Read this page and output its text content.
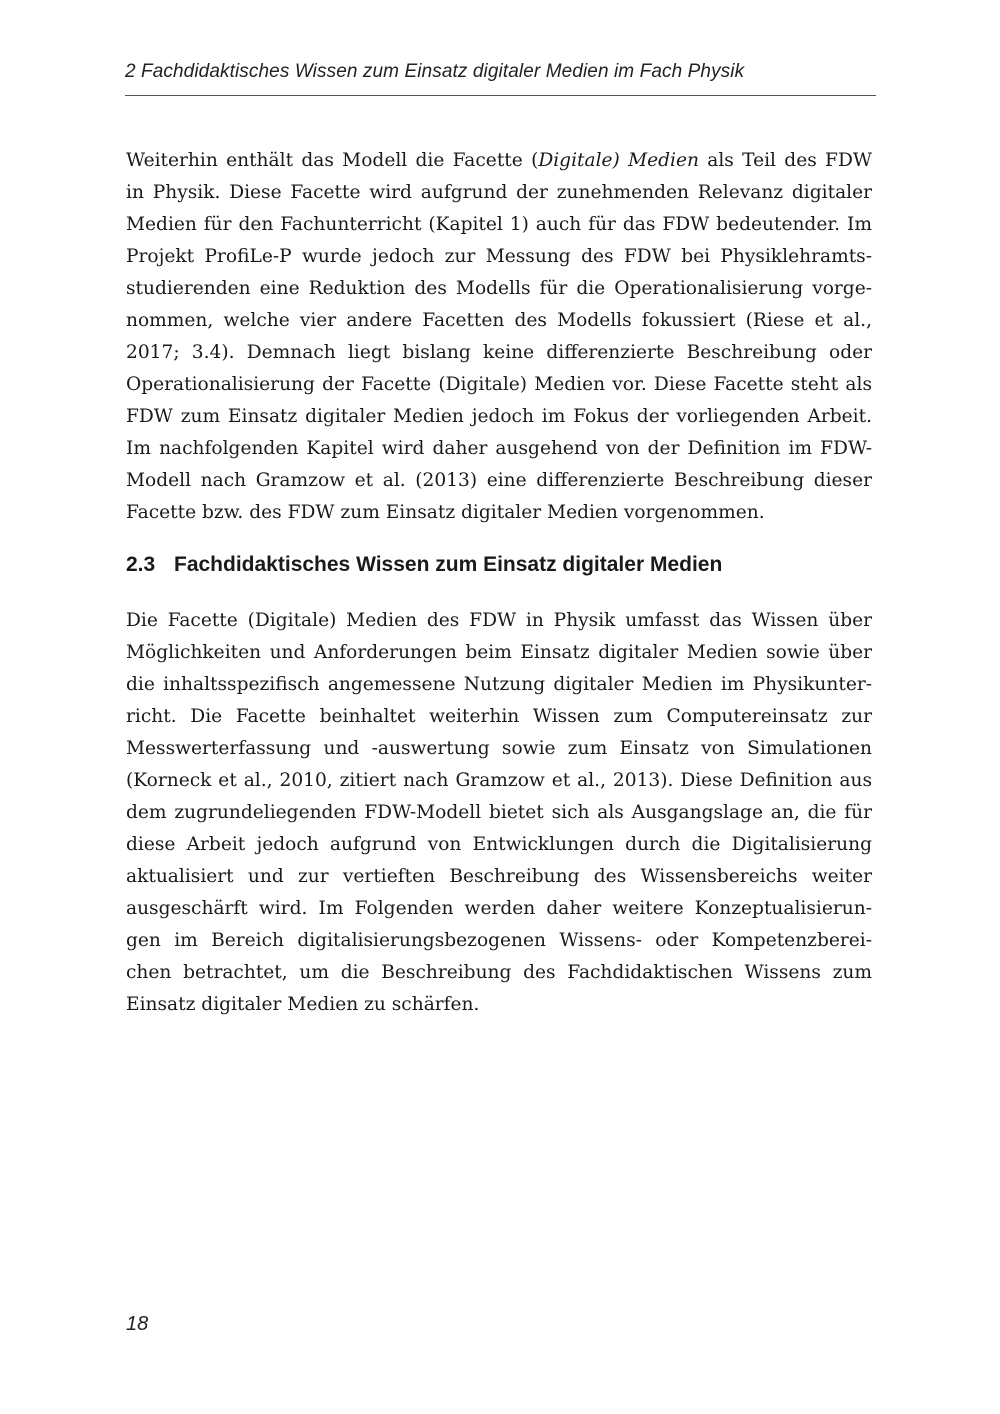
2 Fachdidaktisches Wissen zum Einsatz digitaler Medien im Fach Physik
Weiterhin enthält das Modell die Facette (Digitale) Medien als Teil des FDW
in Physik. Diese Facette wird aufgrund der zunehmenden Relevanz digitaler
Medien für den Fachunterricht (Kapitel 1) auch für das FDW bedeutender. Im
Projekt ProfiLe-P wurde jedoch zur Messung des FDW bei Physiklehramts-
studierenden eine Reduktion des Modells für die Operationalisierung vorge-
nommen, welche vier andere Facetten des Modells fokussiert (Riese et al.,
2017; 3.4). Demnach liegt bislang keine differenzierte Beschreibung oder
Operationalisierung der Facette (Digitale) Medien vor. Diese Facette steht als
FDW zum Einsatz digitaler Medien jedoch im Fokus der vorliegenden Arbeit.
Im nachfolgenden Kapitel wird daher ausgehend von der Definition im FDW-
Modell nach Gramzow et al. (2013) eine differenzierte Beschreibung dieser
Facette bzw. des FDW zum Einsatz digitaler Medien vorgenommen.
2.3 Fachdidaktisches Wissen zum Einsatz digitaler Medien
Die Facette (Digitale) Medien des FDW in Physik umfasst das Wissen über
Möglichkeiten und Anforderungen beim Einsatz digitaler Medien sowie über
die inhaltsspezifisch angemessene Nutzung digitaler Medien im Physikunter-
richt. Die Facette beinhaltet weiterhin Wissen zum Computereinsatz zur
Messwerterfassung und -auswertung sowie zum Einsatz von Simulationen
(Korneck et al., 2010, zitiert nach Gramzow et al., 2013). Diese Definition aus
dem zugrundeliegenden FDW-Modell bietet sich als Ausgangslage an, die für
diese Arbeit jedoch aufgrund von Entwicklungen durch die Digitalisierung
aktualisiert und zur vertieften Beschreibung des Wissensbereichs weiter
ausgeschärft wird. Im Folgenden werden daher weitere Konzeptualisierun-
gen im Bereich digitalisierungsbezogenen Wissens- oder Kompetenzberei-
chen betrachtet, um die Beschreibung des Fachdidaktischen Wissens zum
Einsatz digitaler Medien zu schärfen.
18
